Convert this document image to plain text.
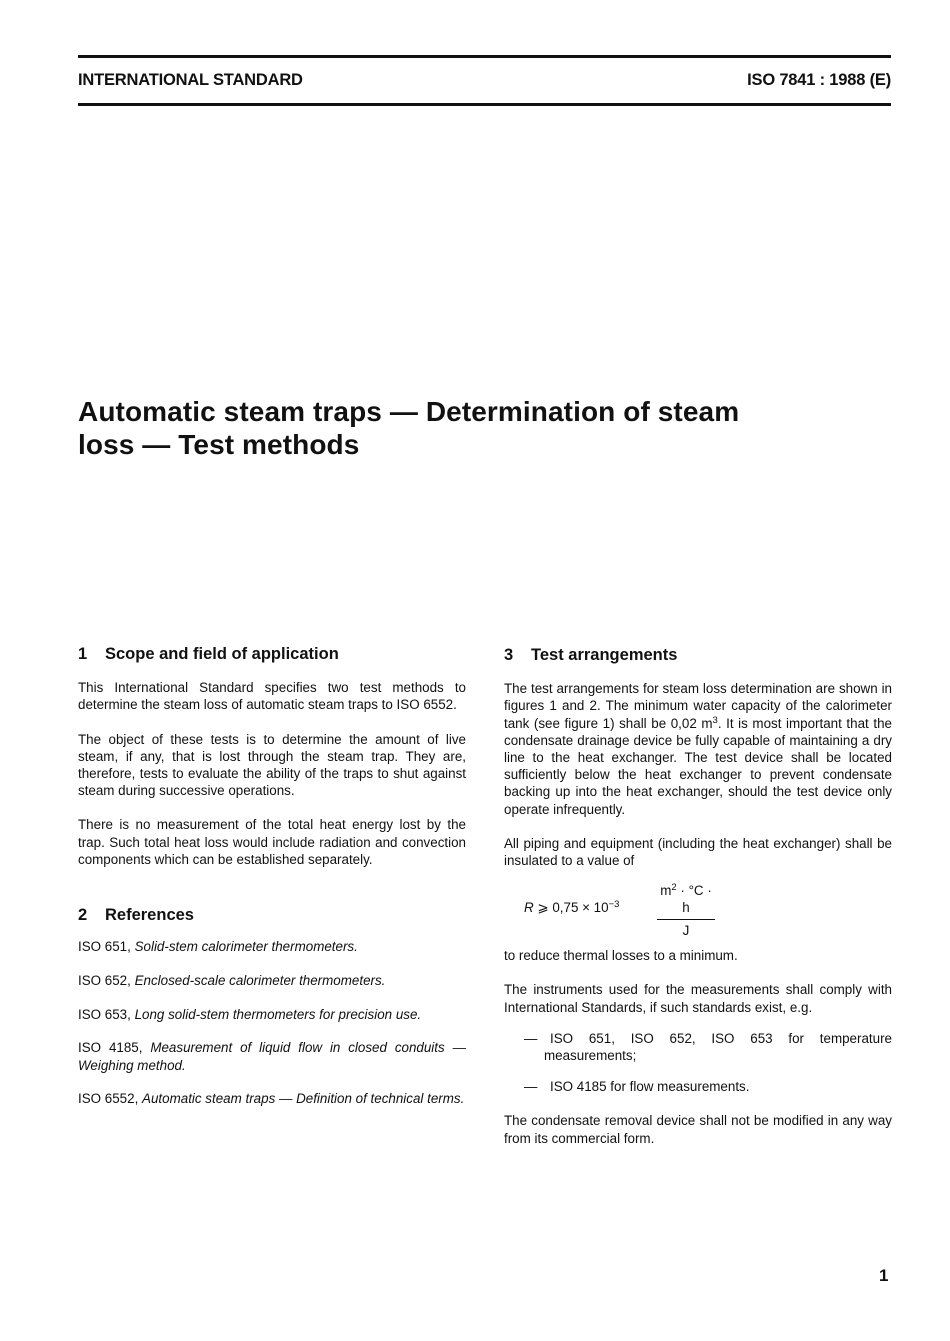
INTERNATIONAL STANDARD	ISO 7841 : 1988 (E)
Automatic steam traps — Determination of steam
loss — Test methods
1 Scope and field of application

This International Standard specifies two test methods to determine the steam loss of automatic steam traps to ISO 6552.

The object of these tests is to determine the amount of live steam, if any, that is lost through the steam trap. They are, therefore, tests to evaluate the ability of the traps to shut against steam during successive operations.

There is no measurement of the total heat energy lost by the trap. Such total heat loss would include radiation and convection components which can be established separately.

2 References
ISO 651, Solid-stem calorimeter thermometers.
ISO 652, Enclosed-scale calorimeter thermometers.
ISO 653, Long solid-stem thermometers for precision use.
ISO 4185, Measurement of liquid flow in closed conduits — Weighing method.
ISO 6552, Automatic steam traps — Definition of technical terms.
3 Test arrangements

The test arrangements for steam loss determination are shown in figures 1 and 2. The minimum water capacity of the calorimeter tank (see figure 1) shall be 0,02 $m^3$. It is most important that the condensate drainage device be fully capable of maintaining a dry line to the heat exchanger. The test device shall be located sufficiently below the heat exchanger to prevent condensate backing up into the heat exchanger, should the test device only operate infrequently.

All piping and equipment (including the heat exchanger) shall be insulated to a value of

R ⩾ $0,75 \times 10^{-3}$	$\frac{m^2 \cdot ^\circ C \cdot h}{J}$

to reduce thermal losses to a minimum.

The instruments used for the measurements shall comply with International Standards, if such standards exist, e.g.

— ISO 651, ISO 652, ISO 653 for temperature measurements;
— ISO 4185 for flow measurements.

The condensate removal device shall not be modified in any way from its commercial form.

1
